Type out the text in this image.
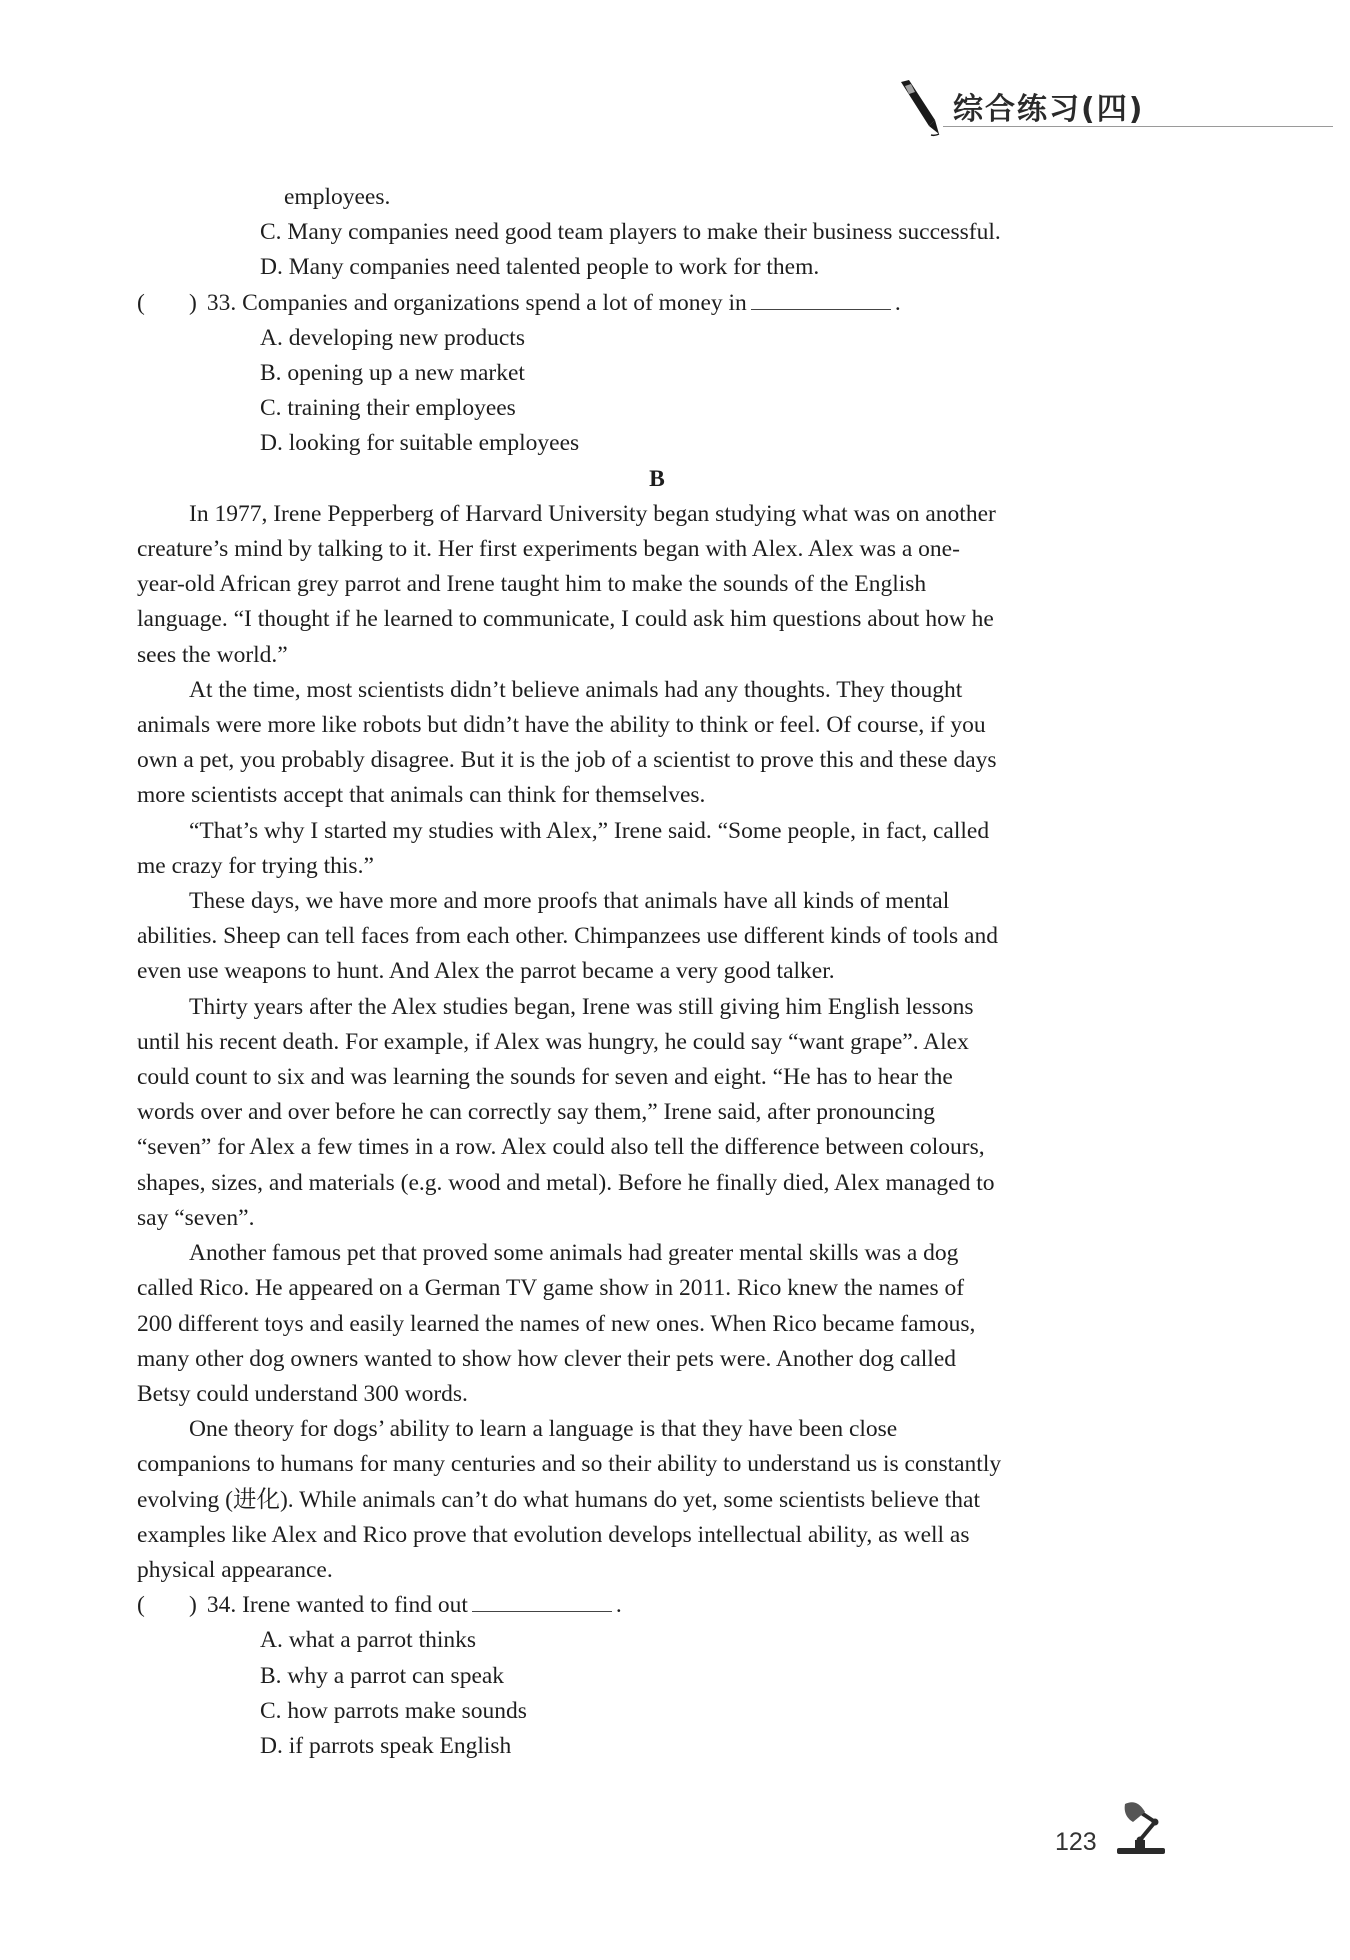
综合练习(四)
employees.
C. Many companies need good team players to make their business successful.
D. Many companies need talented people to work for them.
( ) 33. Companies and organizations spend a lot of money in	.
A. developing new products
B. opening up a new market
C. training their employees
D. looking for suitable employees
B
In 1977, Irene Pepperberg of Harvard University began studying what was on another
creature’s mind by talking to it. Her first experiments began with Alex. Alex was a one-
year-old African grey parrot and Irene taught him to make the sounds of the English
language. “I thought if he learned to communicate, I could ask him questions about how he
sees the world.”
At the time, most scientists didn’t believe animals had any thoughts. They thought
animals were more like robots but didn’t have the ability to think or feel. Of course, if you
own a pet, you probably disagree. But it is the job of a scientist to prove this and these days
more scientists accept that animals can think for themselves.
“That’s why I started my studies with Alex,” Irene said. “Some people, in fact, called
me crazy for trying this.”
These days, we have more and more proofs that animals have all kinds of mental
abilities. Sheep can tell faces from each other. Chimpanzees use different kinds of tools and
even use weapons to hunt. And Alex the parrot became a very good talker.
Thirty years after the Alex studies began, Irene was still giving him English lessons
until his recent death. For example, if Alex was hungry, he could say “want grape”. Alex
could count to six and was learning the sounds for seven and eight. “He has to hear the
words over and over before he can correctly say them,” Irene said, after pronouncing
“seven” for Alex a few times in a row. Alex could also tell the difference between colours,
shapes, sizes, and materials (e.g. wood and metal). Before he finally died, Alex managed to
say “seven”.
Another famous pet that proved some animals had greater mental skills was a dog
called Rico. He appeared on a German TV game show in 2011. Rico knew the names of
200 different toys and easily learned the names of new ones. When Rico became famous,
many other dog owners wanted to show how clever their pets were. Another dog called
Betsy could understand 300 words.
One theory for dogs’ ability to learn a language is that they have been close
companions to humans for many centuries and so their ability to understand us is constantly
evolving (进化). While animals can’t do what humans do yet, some scientists believe that
examples like Alex and Rico prove that evolution develops intellectual ability, as well as
physical appearance.
( ) 34. Irene wanted to find out	.
A. what a parrot thinks
B. why a parrot can speak
C. how parrots make sounds
D. if parrots speak English
123
